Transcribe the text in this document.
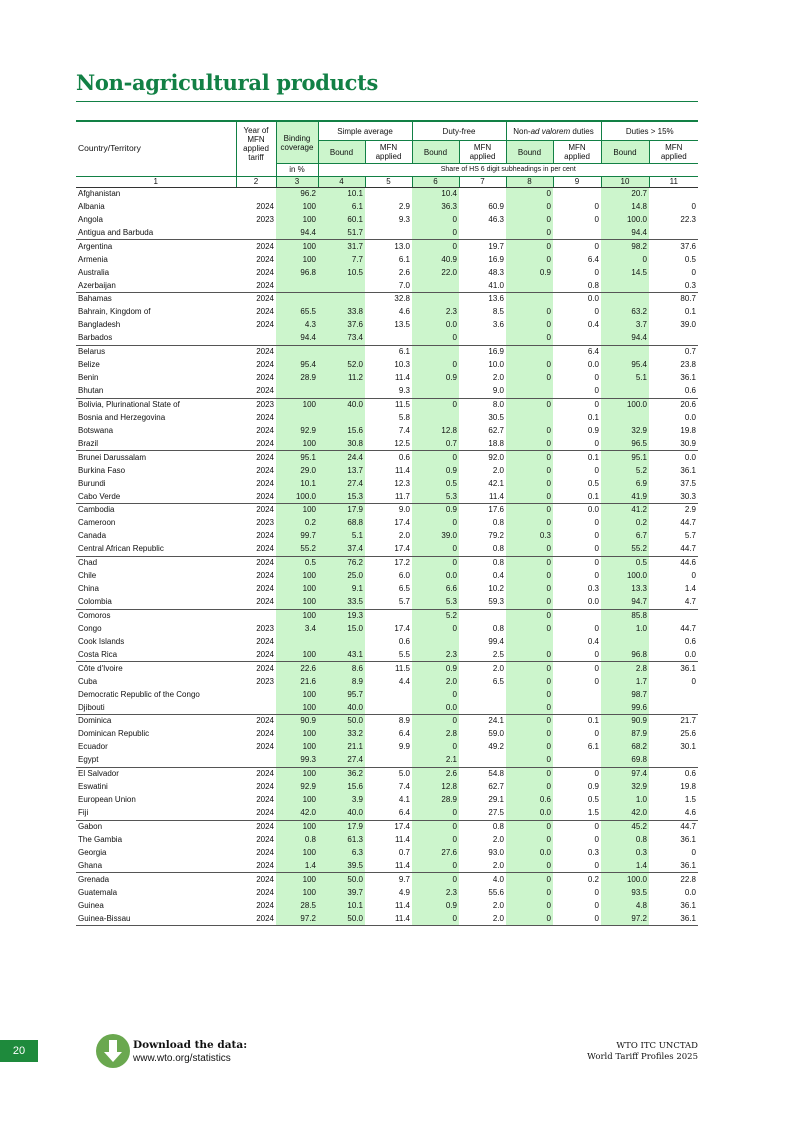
Non-agricultural products
Country/Territory	Year of MFN applied tariff	Binding coverage	Simple average		Duty-free		Non-ad valorem duties		Duties > 15%	
			Bound	MFN applied	Bound	MFN applied	Bound	MFN applied	Bound	MFN applied
		in %	Share of HS 6 digit subheadings in per cent							
1	2	3	4	5	6	7	8	9	10	11
Afghanistan		96.2	10.1		10.4		0		20.7	
Albania	2024	100	6.1	2.9	36.3	60.9	0	0	14.8	0
Angola	2023	100	60.1	9.3	0	46.3	0	0	100.0	22.3
Antigua and Barbuda		94.4	51.7		0		0		94.4	
Argentina	2024	100	31.7	13.0	0	19.7	0	0	98.2	37.6
Armenia	2024	100	7.7	6.1	40.9	16.9	0	6.4	0	0.5
Australia	2024	96.8	10.5	2.6	22.0	48.3	0.9	0	14.5	0
Azerbaijan	2024			7.0		41.0		0.8		0.3
Bahamas	2024			32.8		13.6		0.0		80.7
Bahrain, Kingdom of	2024	65.5	33.8	4.6	2.3	8.5	0	0	63.2	0.1
Bangladesh	2024	4.3	37.6	13.5	0.0	3.6	0	0.4	3.7	39.0
Barbados		94.4	73.4		0		0		94.4	
Belarus	2024			6.1		16.9		6.4		0.7
Belize	2024	95.4	52.0	10.3	0	10.0	0	0.0	95.4	23.8
Benin	2024	28.9	11.2	11.4	0.9	2.0	0	0	5.1	36.1
Bhutan	2024			9.3		9.0		0		0.6
Bolivia, Plurinational State of	2023	100	40.0	11.5	0	8.0	0	0	100.0	20.6
Bosnia and Herzegovina	2024			5.8		30.5		0.1		0.0
Botswana	2024	92.9	15.6	7.4	12.8	62.7	0	0.9	32.9	19.8
Brazil	2024	100	30.8	12.5	0.7	18.8	0	0	96.5	30.9
Brunei Darussalam	2024	95.1	24.4	0.6	0	92.0	0	0.1	95.1	0.0
Burkina Faso	2024	29.0	13.7	11.4	0.9	2.0	0	0	5.2	36.1
Burundi	2024	10.1	27.4	12.3	0.5	42.1	0	0.5	6.9	37.5
Cabo Verde	2024	100.0	15.3	11.7	5.3	11.4	0	0.1	41.9	30.3
Cambodia	2024	100	17.9	9.0	0.9	17.6	0	0.0	41.2	2.9
Cameroon	2023	0.2	68.8	17.4	0	0.8	0	0	0.2	44.7
Canada	2024	99.7	5.1	2.0	39.0	79.2	0.3	0	6.7	5.7
Central African Republic	2024	55.2	37.4	17.4	0	0.8	0	0	55.2	44.7
Chad	2024	0.5	76.2	17.2	0	0.8	0	0	0.5	44.6
Chile	2024	100	25.0	6.0	0.0	0.4	0	0	100.0	0
China	2024	100	9.1	6.5	6.6	10.2	0	0.3	13.3	1.4
Colombia	2024	100	33.5	5.7	5.3	59.3	0	0.0	94.7	4.7
Comoros		100	19.3		5.2		0		85.8	
Congo	2023	3.4	15.0	17.4	0	0.8	0	0	1.0	44.7
Cook Islands	2024			0.6		99.4		0.4		0.6
Costa Rica	2024	100	43.1	5.5	2.3	2.5	0	0	96.8	0.0
Côte d'Ivoire	2024	22.6	8.6	11.5	0.9	2.0	0	0	2.8	36.1
Cuba	2023	21.6	8.9	4.4	2.0	6.5	0	0	1.7	0
Democratic Republic of the Congo		100	95.7		0		0		98.7	
Djibouti		100	40.0		0.0		0		99.6	
Dominica	2024	90.9	50.0	8.9	0	24.1	0	0.1	90.9	21.7
Dominican Republic	2024	100	33.2	6.4	2.8	59.0	0	0	87.9	25.6
Ecuador	2024	100	21.1	9.9	0	49.2	0	6.1	68.2	30.1
Egypt		99.3	27.4		2.1		0		69.8	
El Salvador	2024	100	36.2	5.0	2.6	54.8	0	0	97.4	0.6
Eswatini	2024	92.9	15.6	7.4	12.8	62.7	0	0.9	32.9	19.8
European Union	2024	100	3.9	4.1	28.9	29.1	0.6	0.5	1.0	1.5
Fiji	2024	42.0	40.0	6.4	0	27.5	0.0	1.5	42.0	4.6
Gabon	2024	100	17.9	17.4	0	0.8	0	0	45.2	44.7
The Gambia	2024	0.8	61.3	11.4	0	2.0	0	0	0.8	36.1
Georgia	2024	100	6.3	0.7	27.6	93.0	0.0	0.3	0.3	0
Ghana	2024	1.4	39.5	11.4	0	2.0	0	0	1.4	36.1
Grenada	2024	100	50.0	9.7	0	4.0	0	0.2	100.0	22.8
Guatemala	2024	100	39.7	4.9	2.3	55.6	0	0	93.5	0.0
Guinea	2024	28.5	10.1	11.4	0.9	2.0	0	0	4.8	36.1
Guinea-Bissau	2024	97.2	50.0	11.4	0	2.0	0	0	97.2	36.1
20	Download the data:
www.wto.org/statistics
WTO ITC UNCTAD
World Tariff Profiles 2025
